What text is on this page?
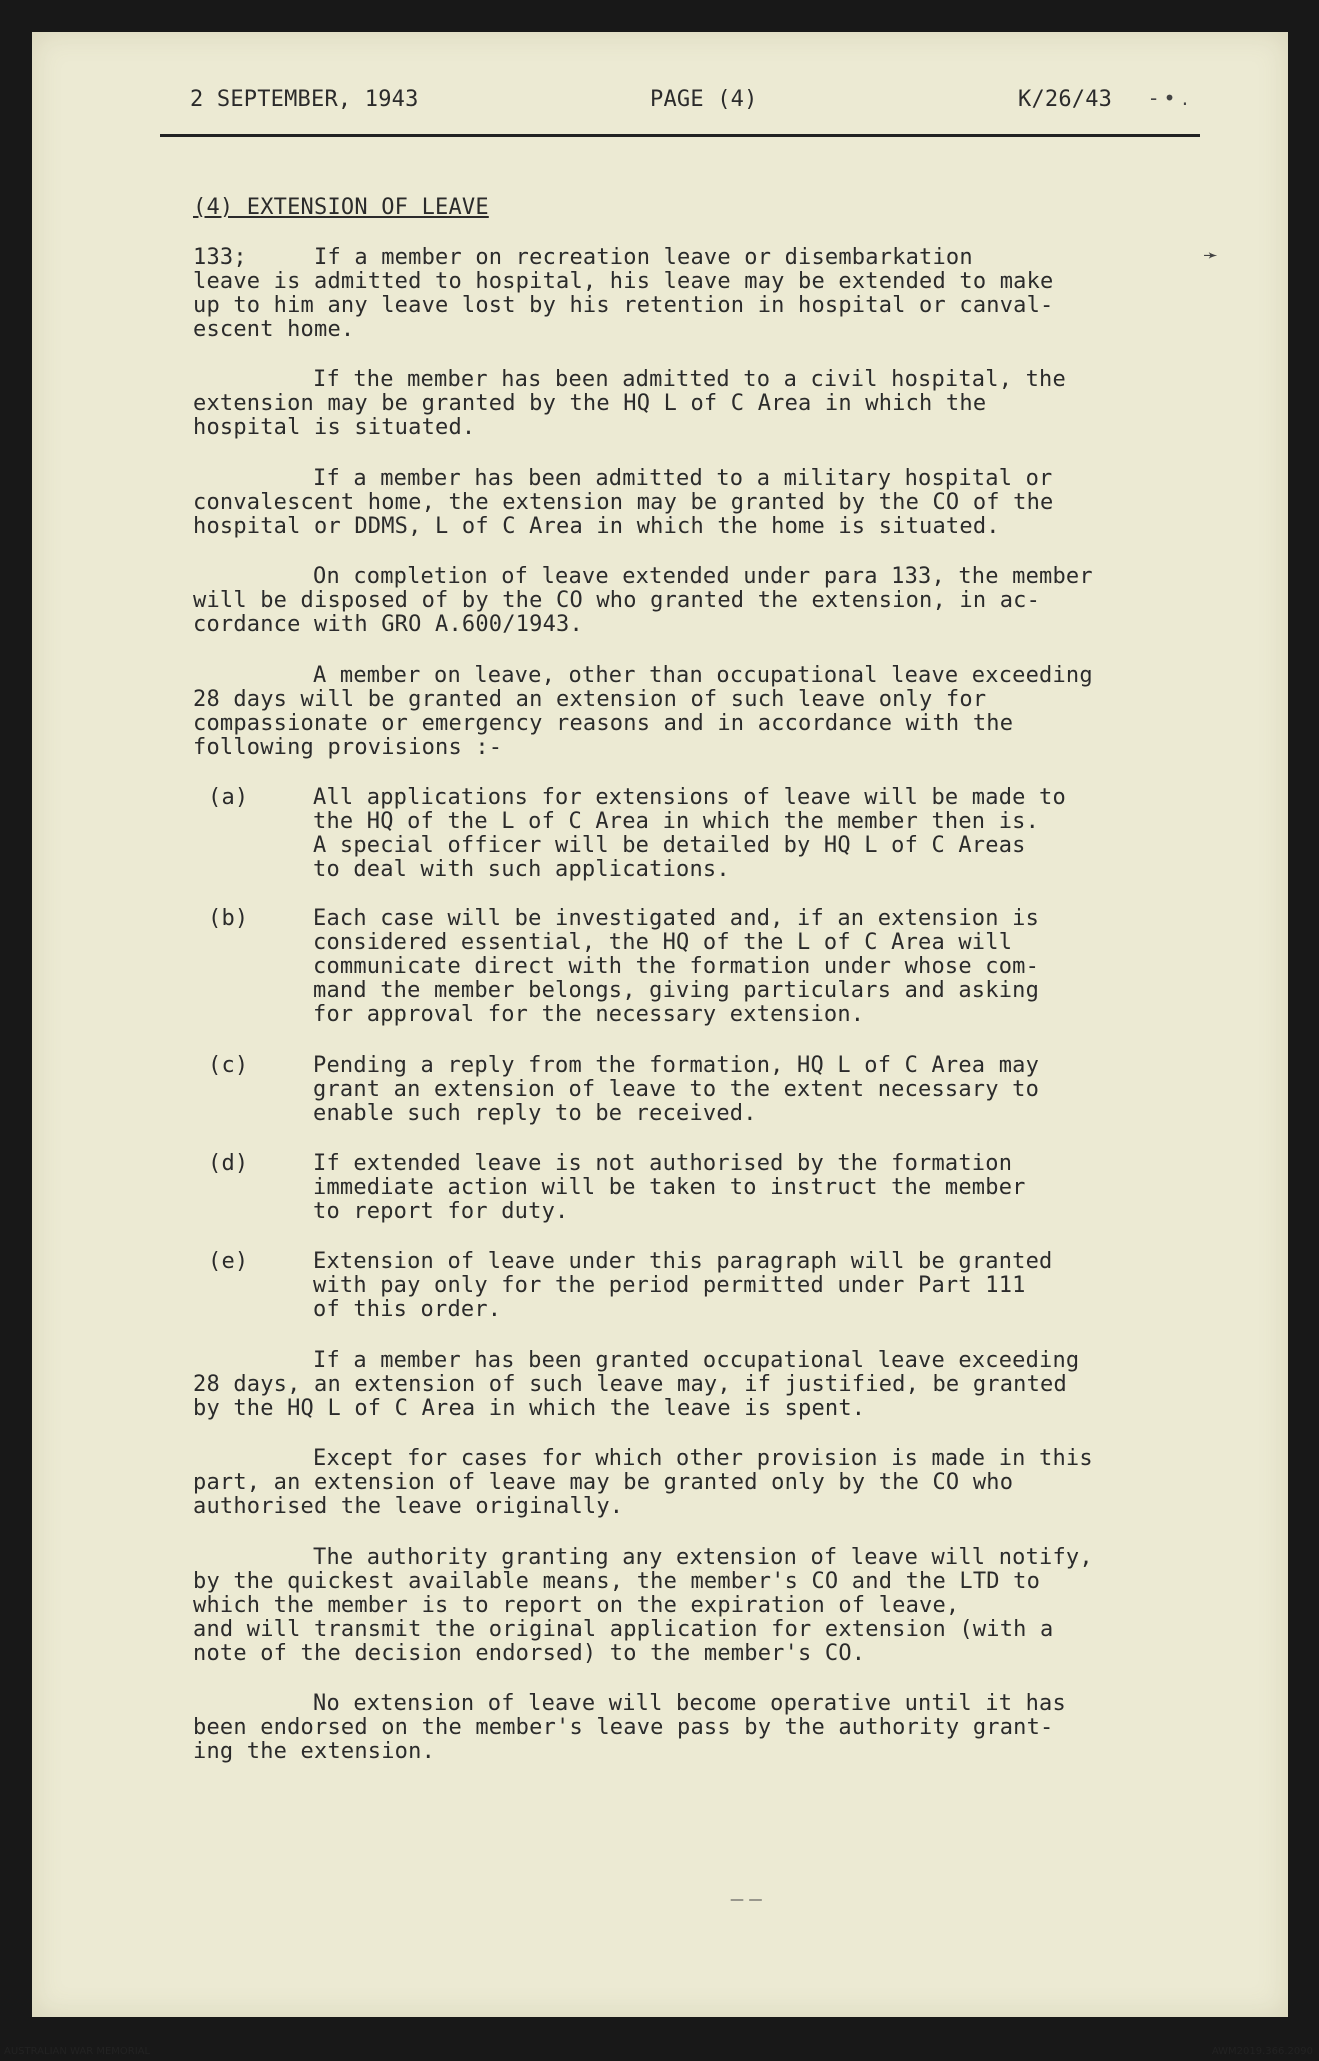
2 SEPTEMBER, 1943	PAGE (4)	K/26/43 - • .
(4) EXTENSION OF LEAVE
➛
133;     If a member on recreation leave or disembarkation
leave is admitted to hospital, his leave may be extended to make
up to him any leave lost by his retention in hospital or canval-
escent home.
If the member has been admitted to a civil hospital, the
extension may be granted by the HQ L of C Area in which the
hospital is situated.
If a member has been admitted to a military hospital or
convalescent home, the extension may be granted by the CO of the
hospital or DDMS, L of C Area in which the home is situated.
On completion of leave extended under para 133, the member
will be disposed of by the CO who granted the extension, in ac-
cordance with GRO A.600/1943.
A member on leave, other than occupational leave exceeding
28 days will be granted an extension of such leave only for
compassionate or emergency reasons and in accordance with the
following provisions :-
(a)	All applications for extensions of leave will be made to
the HQ of the L of C Area in which the member then is.
A special officer will be detailed by HQ L of C Areas
to deal with such applications.
(b)	Each case will be investigated and, if an extension is
considered essential, the HQ of the L of C Area will
communicate direct with the formation under whose com-
mand the member belongs, giving particulars and asking
for approval for the necessary extension.
(c)	Pending a reply from the formation, HQ L of C Area may
grant an extension of leave to the extent necessary to
enable such reply to be received.
(d)	If extended leave is not authorised by the formation
immediate action will be taken to instruct the member
to report for duty.
(e)	Extension of leave under this paragraph will be granted
with pay only for the period permitted under Part 111
of this order.
If a member has been granted occupational leave exceeding
28 days, an extension of such leave may, if justified, be granted
by the HQ L of C Area in which the leave is spent.
Except for cases for which other provision is made in this
part, an extension of leave may be granted only by the CO who
authorised the leave originally.
The authority granting any extension of leave will notify,
by the quickest available means, the member's CO and the LTD to
which the member is to report on the expiration of leave,
and will transmit the original application for extension (with a
note of the decision endorsed) to the member's CO.
No extension of leave will become operative until it has
been endorsed on the member's leave pass by the authority grant-
ing the extension.
— —
AUSTRALIAN WAR MEMORIAL	AWM2019.366.2090
